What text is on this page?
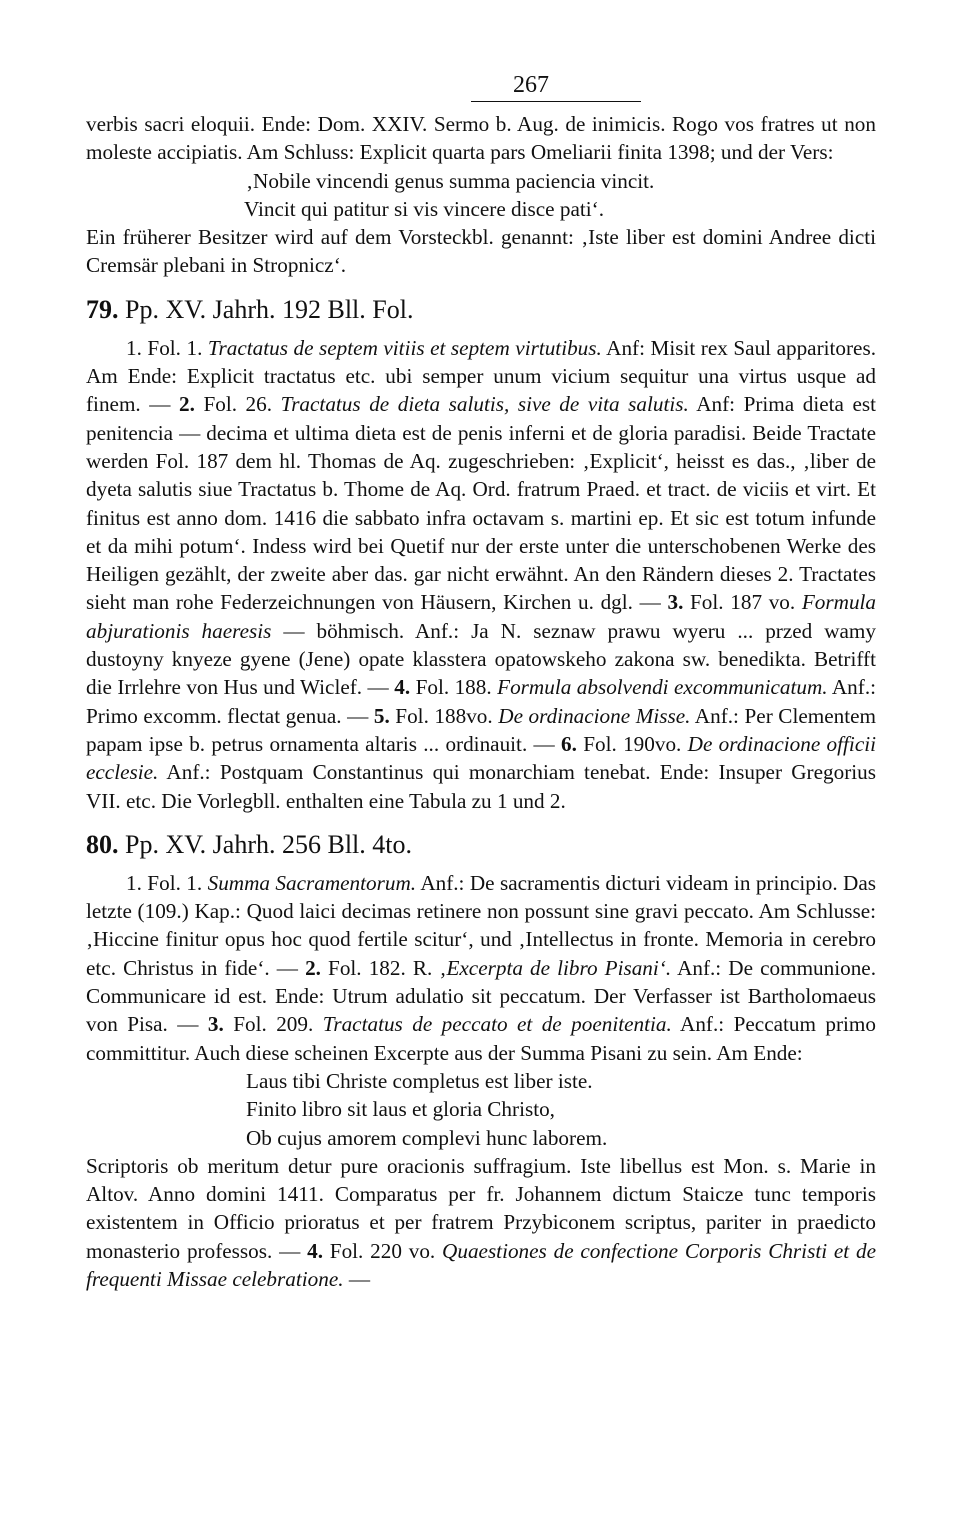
267

verbis sacri eloquii. Ende: Dom. XXIV. Sermo b. Aug. de inimicis. Rogo vos fratres ut non moleste accipiatis. Am Schluss: Explicit quarta pars Omeliarii finita 1398; und der Vers:

‚Nobile vincendi genus summa paciencia vincit.

Vincit qui patitur si vis vincere disce pati‘.

Ein früherer Besitzer wird auf dem Vorsteckbl. genannt: ‚Iste liber est domini Andree dicti Cremsär plebani in Stropnicz‘.

79. Pp. XV. Jahrh. 192 Bll. Fol.

1. Fol. 1. Tractatus de septem vitiis et septem virtutibus. Anf: Misit rex Saul apparitores. Am Ende: Explicit tractatus etc. ubi semper unum vicium sequitur una virtus usque ad finem. — 2. Fol. 26. Tractatus de dieta salutis, sive de vita salutis. Anf: Prima dieta est penitencia — decima et ultima dieta est de penis inferni et de gloria paradisi. Beide Tractate werden Fol. 187 dem hl. Thomas de Aq. zugeschrieben: ‚Explicit‘, heisst es das., ‚liber de dyeta salutis siue Tractatus b. Thome de Aq. Ord. fratrum Praed. et tract. de viciis et virt. Et finitus est anno dom. 1416 die sabbato infra octavam s. martini ep. Et sic est totum infunde et da mihi potum‘. Indess wird bei Quetif nur der erste unter die unterschobenen Werke des Heiligen gezählt, der zweite aber das. gar nicht erwähnt. An den Rändern dieses 2. Tractates sieht man rohe Federzeichnungen von Häusern, Kirchen u. dgl. — 3. Fol. 187 vo. Formula abjurationis haeresis — böhmisch. Anf.: Ja N. seznaw prawu wyeru ... przed wamy dustoyny knyeze gyene (Jene) opate klasstera opatowskeho zakona sw. benedikta. Betrifft die Irrlehre von Hus und Wiclef. — 4. Fol. 188. Formula absolvendi excommunicatum. Anf.: Primo excomm. flectat genua. — 5. Fol. 188vo. De ordinacione Misse. Anf.: Per Clementem papam ipse b. petrus ornamenta altaris ... ordinauit. — 6. Fol. 190vo. De ordinacione officii ecclesie. Anf.: Postquam Constantinus qui monarchiam tenebat. Ende: Insuper Gregorius VII. etc. Die Vorlegbll. enthalten eine Tabula zu 1 und 2.

80. Pp. XV. Jahrh. 256 Bll. 4to.

1. Fol. 1. Summa Sacramentorum. Anf.: De sacramentis dicturi videam in principio. Das letzte (109.) Kap.: Quod laici decimas retinere non possunt sine gravi peccato. Am Schlusse: ‚Hiccine finitur opus hoc quod fertile scitur‘, und ‚Intellectus in fronte. Memoria in cerebro etc. Christus in fide‘. — 2. Fol. 182. R. ‚Excerpta de libro Pisani‘. Anf.: De communione. Communicare id est. Ende: Utrum adulatio sit peccatum. Der Verfasser ist Bartholomaeus von Pisa. — 3. Fol. 209. Tractatus de peccato et de poenitentia. Anf.: Peccatum primo committitur. Auch diese scheinen Excerpte aus der Summa Pisani zu sein. Am Ende:

Laus tibi Christe completus est liber iste.

Finito libro sit laus et gloria Christo,

Ob cujus amorem complevi hunc laborem.

Scriptoris ob meritum detur pure oracionis suffragium. Iste libellus est Mon. s. Marie in Altov. Anno domini 1411. Comparatus per fr. Johannem dictum Staicze tunc temporis existentem in Officio prioratus et per fratrem Przybiconem scriptus, pariter in praedicto monasterio professos. — 4. Fol. 220 vo. Quaestiones de confectione Corporis Christi et de frequenti Missae celebratione. —
